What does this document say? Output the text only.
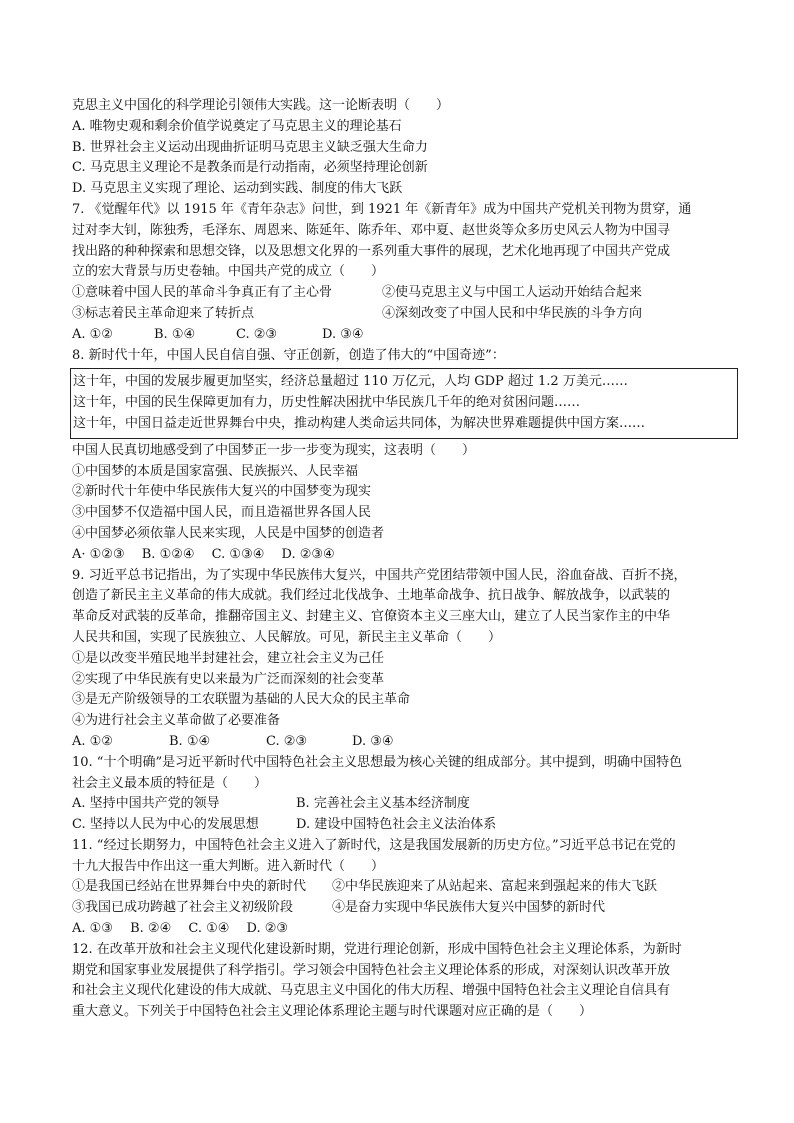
克思主义中国化的科学理论引领伟大实践。这一论断表明（　　）
A. 唯物史观和剩余价值学说奠定了马克思主义的理论基石
B. 世界社会主义运动出现曲折证明马克思主义缺乏强大生命力
C. 马克思主义理论不是教条而是行动指南，必须坚持理论创新
D. 马克思主义实现了理论、运动到实践、制度的伟大飞跃
7. 《觉醒年代》以 1915 年《青年杂志》问世，到 1921 年《新青年》成为中国共产党机关刊物为贯穿，通
过对李大钊，陈独秀，毛泽东、周恩来、陈延年、陈乔年、邓中夏、赵世炎等众多历史风云人物为中国寻
找出路的种种探索和思想交锋，以及思想文化界的一系列重大事件的展现，艺术化地再现了中国共产党成
立的宏大背景与历史卷轴。中国共产党的成立（　　）
①意味着中国人民的革命斗争真正有了主心骨	②使马克思主义与中国工人运动开始结合起来
③标志着民主革命迎来了转折点	④深刻改变了中国人民和中华民族的斗争方向
A. ①②	B. ①④	C. ②③	D. ③④
8. 新时代十年，中国人民自信自强、守正创新，创造了伟大的“中国奇迹”：
这十年，中国的发展步履更加坚实，经济总量超过 110 万亿元，人均 GDP 超过 1.2 万美元……
这十年，中国的民生保障更加有力，历史性解决困扰中华民族几千年的绝对贫困问题……
这十年，中国日益走近世界舞台中央，推动构建人类命运共同体，为解决世界难题提供中国方案……
中国人民真切地感受到了中国梦正一步一步变为现实，这表明（　　）
①中国梦的本质是国家富强、民族振兴、人民幸福
②新时代十年使中华民族伟大复兴的中国梦变为现实
③中国梦不仅造福中国人民，而且造福世界各国人民
④中国梦必须依靠人民来实现，人民是中国梦的创造者
A· ①②③　 B. ①②④　 C. ①③④　 D. ②③④
9. 习近平总书记指出，为了实现中华民族伟大复兴，中国共产党团结带领中国人民，浴血奋战、百折不挠，
创造了新民主主义革命的伟大成就。我们经过北伐战争、土地革命战争、抗日战争、解放战争，以武装的
革命反对武装的反革命，推翻帝国主义、封建主义、官僚资本主义三座大山，建立了人民当家作主的中华
人民共和国，实现了民族独立、人民解放。可见，新民主主义革命（　　）
①是以改变半殖民地半封建社会，建立社会主义为己任
②实现了中华民族有史以来最为广泛而深刻的社会变革
③是无产阶级领导的工农联盟为基础的人民大众的民主革命
④为进行社会主义革命做了必要准备
A. ①②	B. ①④	C. ②③	D. ③④
10. “十个明确”是习近平新时代中国特色社会主义思想最为核心关键的组成部分。其中提到，明确中国特色
社会主义最本质的特征是（　　）
A. 坚持中国共产党的领导	B. 完善社会主义基本经济制度
C. 坚持以人民为中心的发展思想	D. 建设中国特色社会主义法治体系
11. “经过长期努力，中国特色社会主义进入了新时代，这是我国发展新的历史方位。”习近平总书记在党的
十九大报告中作出这一重大判断。进入新时代（　　）
①是我国已经站在世界舞台中央的新时代	②中华民族迎来了从站起来、富起来到强起来的伟大飞跃
③我国已成功跨越了社会主义初级阶段	④是奋力实现中华民族伟大复兴中国梦的新时代
A. ①③　 B. ②④　 C. ①④　 D. ②③
12. 在改革开放和社会主义现代化建设新时期，党进行理论创新，形成中国特色社会主义理论体系，为新时
期党和国家事业发展提供了科学指引。学习领会中国特色社会主义理论体系的形成，对深刻认识改革开放
和社会主义现代化建设的伟大成就、马克思主义中国化的伟大历程、增强中国特色社会主义理论自信具有
重大意义。下列关于中国特色社会主义理论体系理论主题与时代课题对应正确的是（　　）
